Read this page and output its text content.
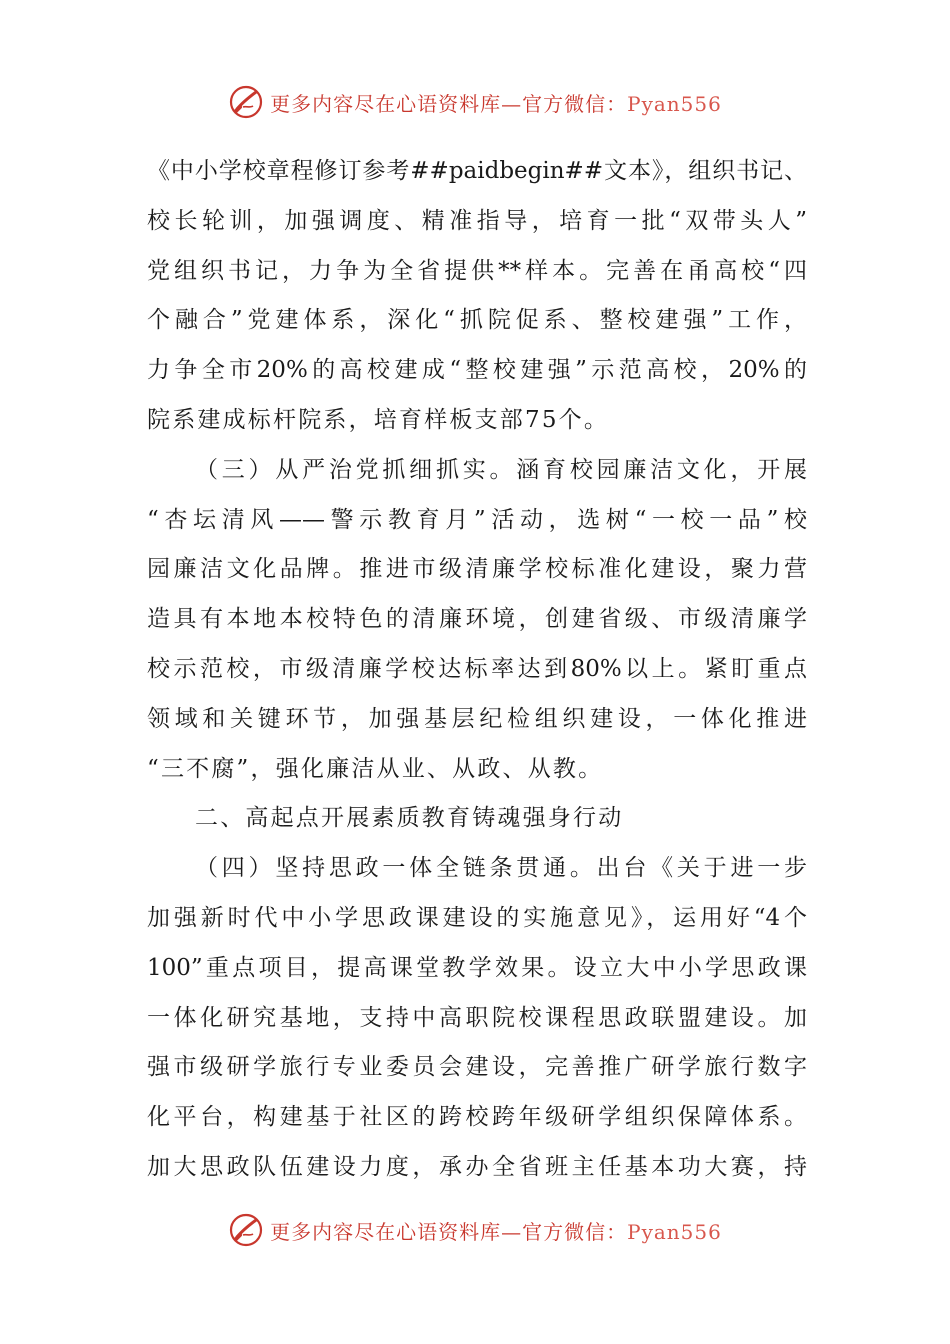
更多内容尽在心语资料库—官方微信：Pyan556
《中小学校章程修订参考##paidbegin##文本》，组织书记、
校长轮训，加强调度、精准指导，培育一批“双带头人”
党组织书记，力争为全省提供**样本。完善在甬高校“四
个融合”党建体系，深化“抓院促系、整校建强”工作，
力争全市20%的高校建成“整校建强”示范高校，20%的
院系建成标杆院系，培育样板支部75个。
（三）从严治党抓细抓实。涵育校园廉洁文化，开展
“杏坛清风——警示教育月”活动，选树“一校一品”校
园廉洁文化品牌。推进市级清廉学校标准化建设，聚力营
造具有本地本校特色的清廉环境，创建省级、市级清廉学
校示范校，市级清廉学校达标率达到80%以上。紧盯重点
领域和关键环节，加强基层纪检组织建设，一体化推进
“三不腐”，强化廉洁从业、从政、从教。
二、高起点开展素质教育铸魂强身行动
（四）坚持思政一体全链条贯通。出台《关于进一步
加强新时代中小学思政课建设的实施意见》，运用好“4个
100”重点项目，提高课堂教学效果。设立大中小学思政课
一体化研究基地，支持中高职院校课程思政联盟建设。加
强市级研学旅行专业委员会建设，完善推广研学旅行数字
化平台，构建基于社区的跨校跨年级研学组织保障体系。
加大思政队伍建设力度，承办全省班主任基本功大赛，持
更多内容尽在心语资料库—官方微信：Pyan556
